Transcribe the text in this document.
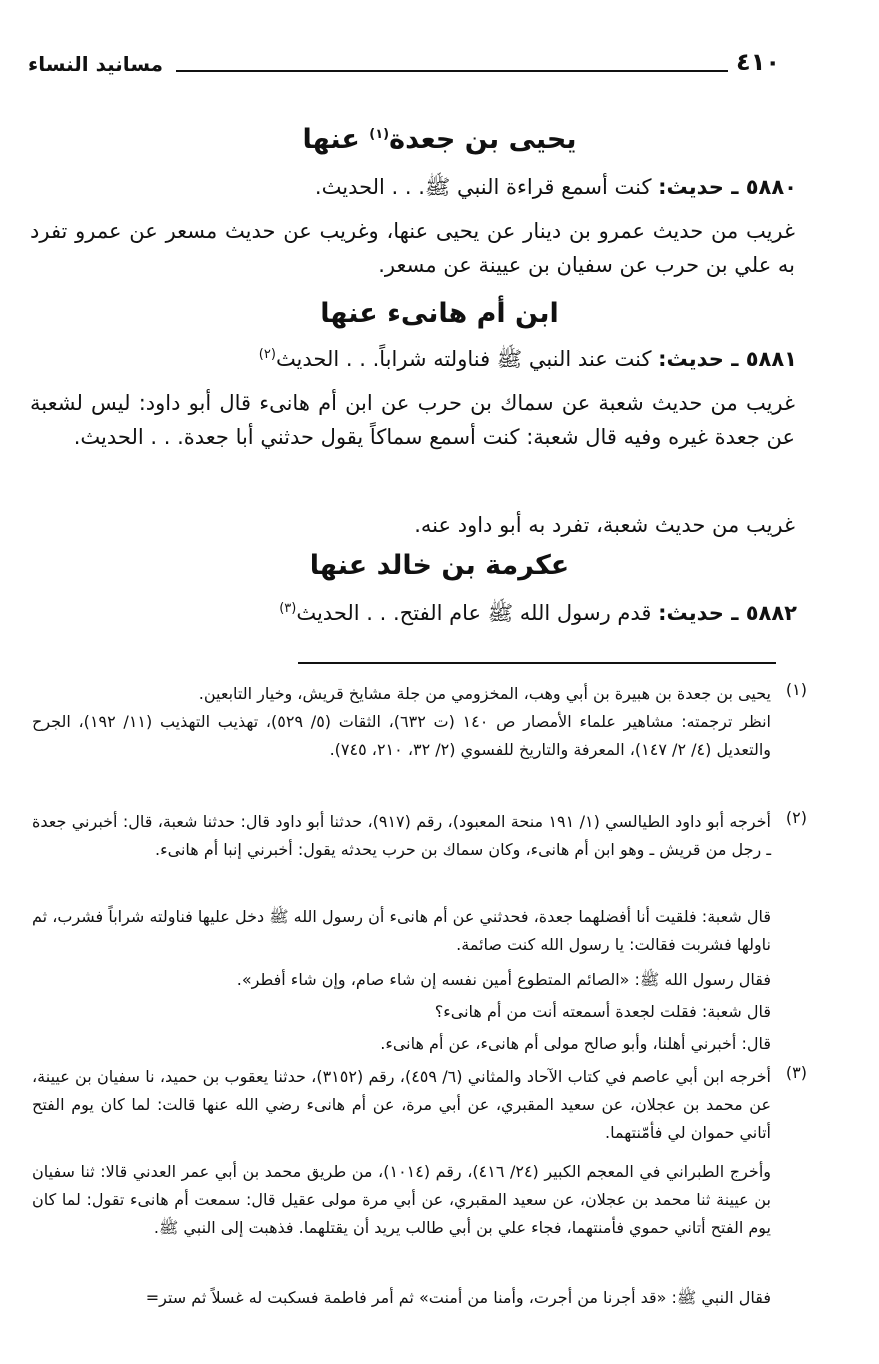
٤١٠
مسانيد النساء
يحيى بن جعدة$^{(١)}$ عنها
٥٨٨٠ ـ حديث: كنت أسمع قراءة النبي ﷺ. . . الحديث.
غريب من حديث عمرو بن دينار عن يحيى عنها، وغريب عن حديث مسعر عن عمرو تفرد به علي بن حرب عن سفيان بن عيينة عن مسعر.
ابن أم هانىء عنها
٥٨٨١ ـ حديث: كنت عند النبي ﷺ فناولته شراباً. . . الحديث$^{(٢)}$
غريب من حديث شعبة عن سماك بن حرب عن ابن أم هانىء قال أبو داود: ليس لشعبة عن جعدة غيره وفيه قال شعبة: كنت أسمع سماكاً يقول حدثني أبا جعدة. . . الحديث.
غريب من حديث شعبة، تفرد به أبو داود عنه.
عكرمة بن خالد عنها
٥٨٨٢ ـ حديث: قدم رسول الله ﷺ عام الفتح. . . الحديث$^{(٣)}$
(١)
يحيى بن جعدة بن هبيرة بن أبي وهب، المخزومي من جلة مشايخ قريش، وخيار التابعين.
انظر ترجمته: مشاهير علماء الأمصار ص ١٤٠ (ت ٦٣٢)، الثقات (٥/ ٥٢٩)، تهذيب التهذيب (١١/ ١٩٢)، الجرح والتعديل (٤/ ٢/ ١٤٧)، المعرفة والتاريخ للفسوي (٢/ ٣٢، ٢١٠، ٧٤٥).
(٢)
أخرجه أبو داود الطيالسي (١/ ١٩١ منحة المعبود)، رقم (٩١٧)، حدثنا أبو داود قال: حدثنا شعبة، قال: أخبرني جعدة ـ رجل من قريش ـ وهو ابن أم هانىء، وكان سماك بن حرب يحدثه يقول: أخبرني إنبا أم هانىء.
قال شعبة: فلقيت أنا أفضلهما جعدة، فحدثني عن أم هانىء أن رسول الله ﷺ دخل عليها فناولته شراباً فشرب، ثم ناولها فشربت فقالت: يا رسول الله كنت صائمة.
فقال رسول الله ﷺ: «الصائم المتطوع أمين نفسه إن شاء صام، وإن شاء أفطر».
قال شعبة: فقلت لجعدة أسمعته أنت من أم هانىء؟
قال: أخبرني أهلنا، وأبو صالح مولى أم هانىء، عن أم هانىء.
(٣)
أخرجه ابن أبي عاصم في كتاب الآحاد والمثاني (٦/ ٤٥٩)، رقم (٣١٥٢)، حدثنا يعقوب بن حميد، نا سفيان بن عيينة، عن محمد بن عجلان، عن سعيد المقبري، عن أبي مرة، عن أم هانىء رضي الله عنها قالت: لما كان يوم الفتح أتاني حموان لي فأمّنتهما.
وأخرج الطبراني في المعجم الكبير (٢٤/ ٤١٦)، رقم (١٠١٤)، من طريق محمد بن أبي عمر العدني قالا: ثنا سفيان بن عيينة ثنا محمد بن عجلان، عن سعيد المقبري، عن أبي مرة مولى عقيل قال: سمعت أم هانىء تقول: لما كان يوم الفتح أتاني حموي فأمنتهما، فجاء علي بن أبي طالب يريد أن يقتلهما. فذهبت إلى النبي ﷺ.
فقال النبي ﷺ: «قد أجرنا من أجرت، وأمنا من أمنت» ثم أمر فاطمة فسكبت له غسلاً ثم ستر=
